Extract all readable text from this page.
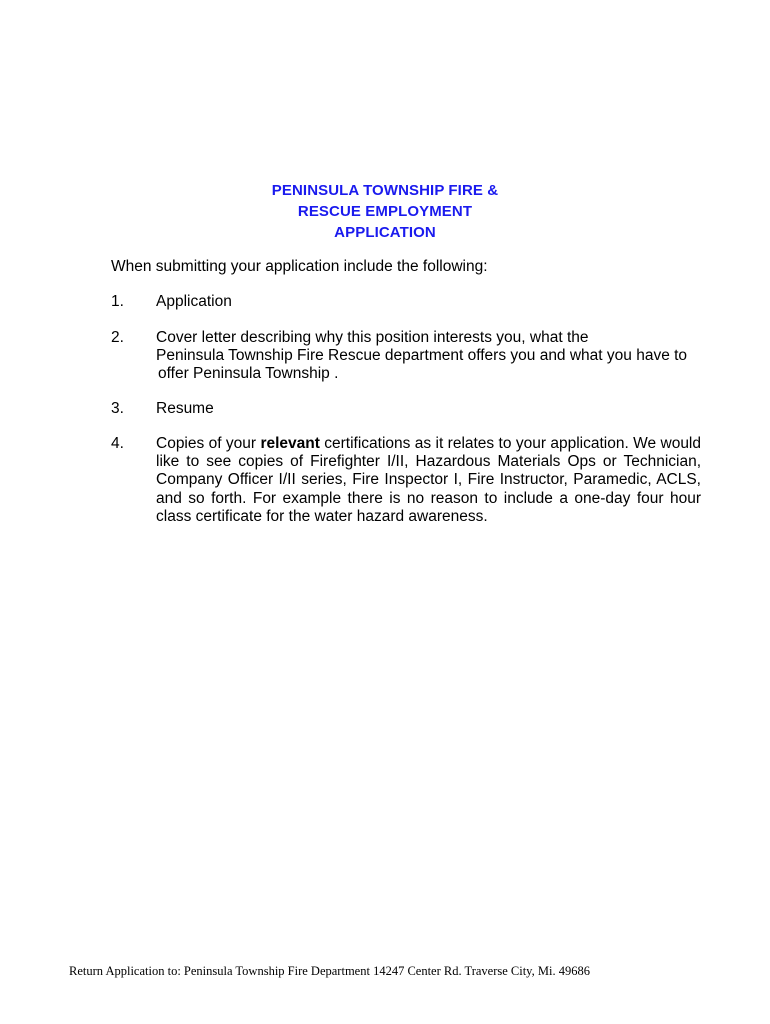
PENINSULA TOWNSHIP FIRE &
RESCUE EMPLOYMENT
APPLICATION
When submitting your application include the following:
1.	Application
2.	Cover letter describing why this position interests you, what the
Peninsula Township Fire Rescue department offers you and what you have to
offer Peninsula Township .
3.	Resume
4.	Copies of your relevant certifications as it relates to your application. We would
like to see copies of Firefighter I/II, Hazardous Materials Ops or Technician,
Company Officer I/II series, Fire Inspector I, Fire Instructor, Paramedic, ACLS,
and so forth. For example there is no reason to include a one-day four hour
class certificate for the water hazard awareness.
Return Application to: Peninsula Township Fire Department 14247 Center Rd. Traverse City, Mi. 49686
